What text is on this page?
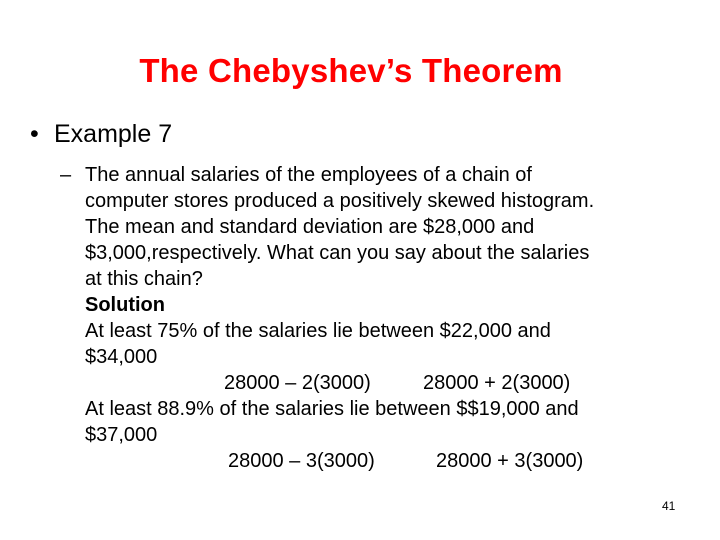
The Chebyshev’s Theorem
• Example 7
– The annual salaries of the employees of a chain of
computer stores produced a positively skewed histogram.
The mean and standard deviation are $28,000 and
$3,000,respectively. What can you say about the salaries
at this chain?
Solution
At least 75% of the salaries lie between $22,000 and
$34,000
28000 – 2(3000)	28000 + 2(3000)
At least 88.9% of the salaries lie between $$19,000 and
$37,000
28000 – 3(3000)	28000 + 3(3000)
41
